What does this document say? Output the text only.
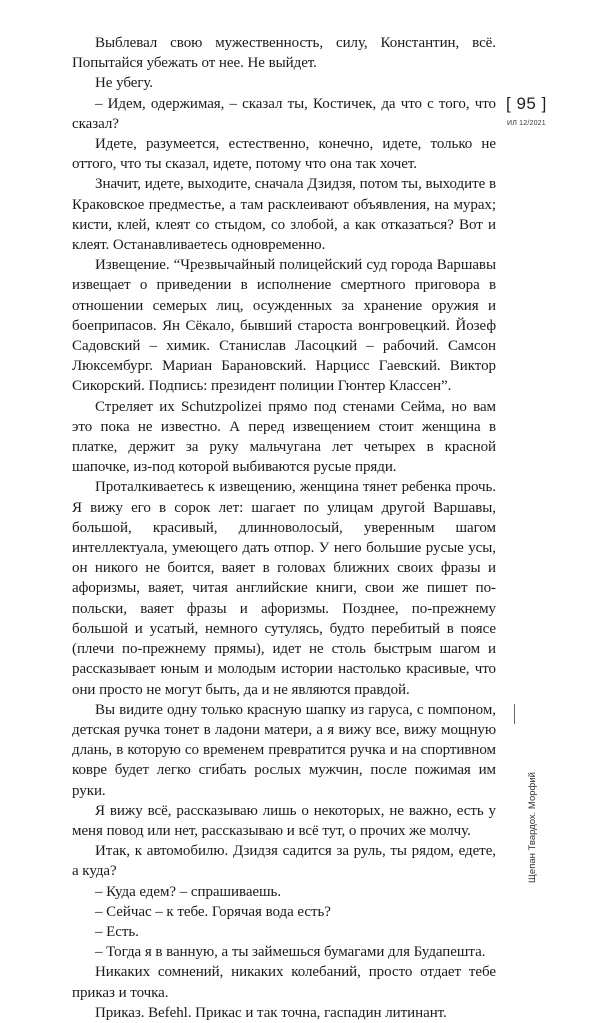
Выблевал свою мужественность, силу, Константин, всё. Попытайся убежать от нее. Не выйдет.

Не убегу.

– Идем, одержимая, – сказал ты, Костичек, да что с того, что сказал?

Идете, разумеется, естественно, конечно, идете, только не оттого, что ты сказал, идете, потому что она так хочет.

Значит, идете, выходите, сначала Дзидзя, потом ты, выходите в Краковское предместье, а там расклеивают объявления, на мурах; кисти, клей, клеят со стыдом, со злобой, а как отказаться? Вот и клеят. Останавливаетесь одновременно.

Извещение. “Чрезвычайный полицейский суд города Варшавы извещает о приведении в исполнение смертного приговора в отношении семерых лиц, осужденных за хранение оружия и боеприпасов. Ян Сёкало, бывший староста вонгровецкий. Йозеф Садовский – химик. Станислав Ласоцкий – рабочий. Самсон Люксембург. Мариан Барановский. Нарцисс Гаевский. Виктор Сикорский. Подпись: президент полиции Гюнтер Классен”.

Стреляет их Schutzpolizei прямо под стенами Сейма, но вам это пока не известно. А перед извещением стоит женщина в платке, держит за руку мальчугана лет четырех в красной шапочке, из-под которой выбиваются русые пряди.

Проталкиваетесь к извещению, женщина тянет ребенка прочь. Я вижу его в сорок лет: шагает по улицам другой Варшавы, большой, красивый, длинноволосый, уверенным шагом интеллектуала, умеющего дать отпор. У него большие русые усы, он никого не боится, ваяет в головах ближних своих фразы и афоризмы, ваяет, читая английские книги, свои же пишет по-польски, ваяет фразы и афоризмы. Позднее, по-прежнему большой и усатый, немного сутулясь, будто перебитый в поясе (плечи по-прежнему прямы), идет не столь быстрым шагом и рассказывает юным и молодым истории настолько красивые, что они просто не могут быть, да и не являются правдой.

Вы видите одну только красную шапку из гаруса, с помпоном, детская ручка тонет в ладони матери, а я вижу все, вижу мощную длань, в которую со временем превратится ручка и на спортивном ковре будет легко сгибать рослых мужчин, после пожимая им руки.

Я вижу всё, рассказываю лишь о некоторых, не важно, есть у меня повод или нет, рассказываю и всё тут, о прочих же молчу.

Итак, к автомобилю. Дзидзя садится за руль, ты рядом, едете, а куда?

– Куда едем? – спрашиваешь.

– Сейчас – к тебе. Горячая вода есть?

– Есть.

– Тогда я в ванную, а ты займешься бумагами для Будапешта.

Никаких сомнений, никаких колебаний, просто отдает тебе приказ и точка.

Приказ. Befehl. Прикас и так точна, гаспадин литинант.

[ 95 ]
ИЛ 12/2021
Щепан Твардох. Морфий
